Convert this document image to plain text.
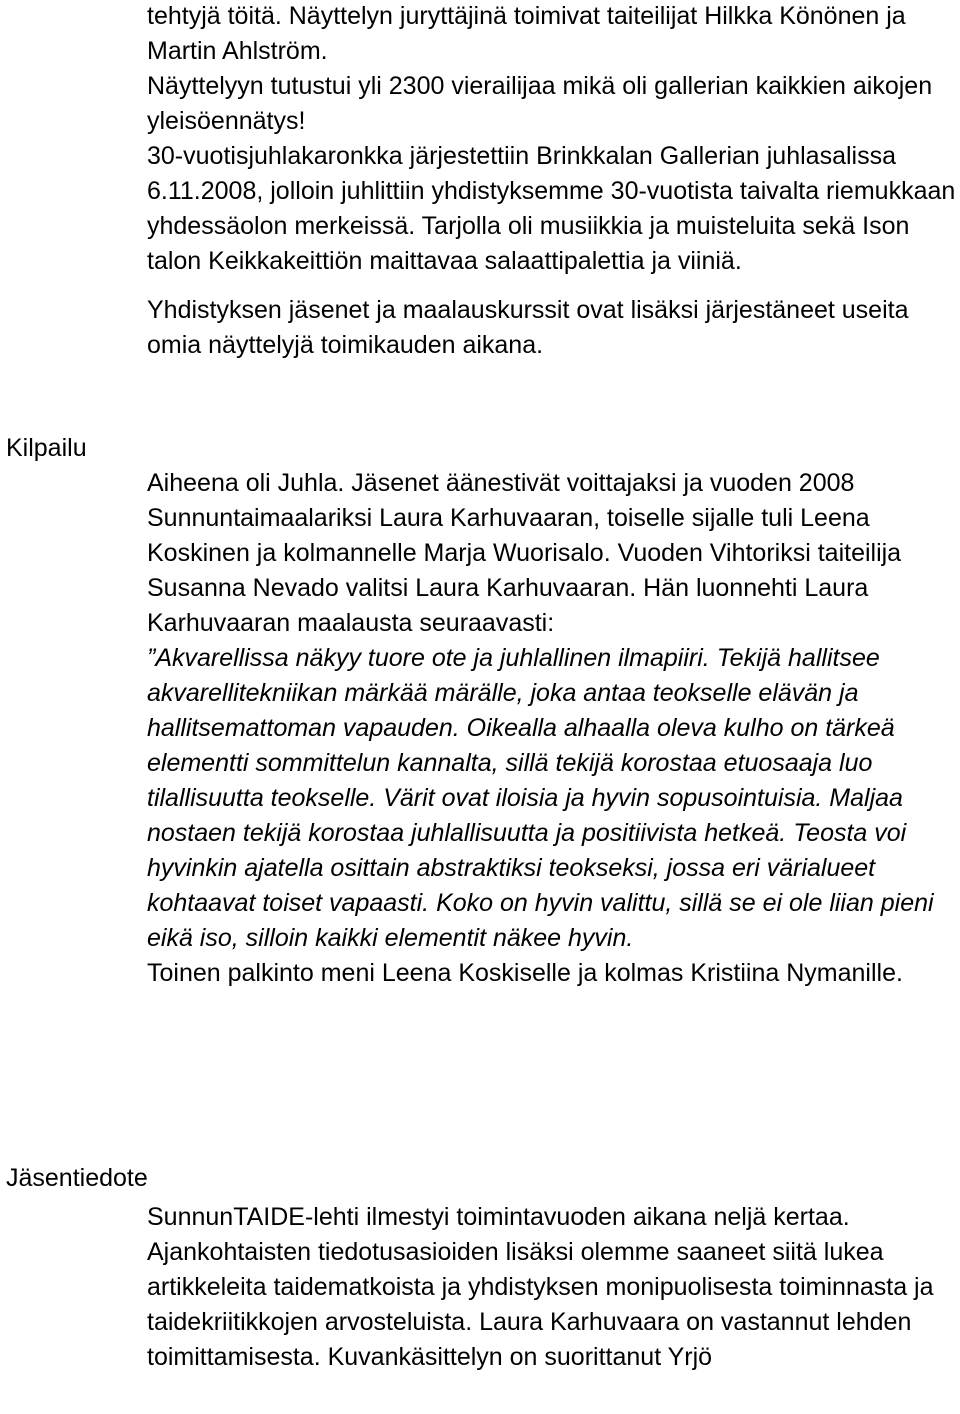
tehtyjä töitä. Näyttelyn juryttäjinä toimivat taiteilijat Hilkka Könönen ja Martin Ahlström.

Näyttelyyn tutustui yli 2300 vierailijaa mikä oli gallerian kaikkien aikojen yleisöennätys!

30-vuotisjuhlakaronkka järjestettiin Brinkkalan Gallerian juhlasalissa 6.11.2008, jolloin juhlittiin yhdistyksemme 30-vuotista taivalta riemukkaan yhdessäolon merkeissä. Tarjolla oli musiikkia ja muisteluita sekä Ison talon Keikkakeittiön maittavaa salaattipalettia ja viiniä.

Yhdistyksen jäsenet ja maalauskurssit ovat lisäksi järjestäneet useita omia näyttelyjä toimikauden aikana.

Kilpailu

Aiheena oli Juhla. Jäsenet äänestivät voittajaksi ja vuoden 2008 Sunnuntaimaalariksi Laura Karhuvaaran, toiselle sijalle tuli Leena Koskinen ja kolmannelle Marja Wuorisalo. Vuoden Vihtoriksi taiteilija Susanna Nevado valitsi Laura Karhuvaaran. Hän luonnehti Laura Karhuvaaran maalausta seuraavasti:

”Akvarellissa näkyy tuore ote ja juhlallinen ilmapiiri. Tekijä hallitsee akvarellitekniikan märkää märälle, joka antaa teokselle elävän ja hallitsemattoman vapauden. Oikealla alhaalla oleva kulho on tärkeä elementti sommittelun kannalta, sillä tekijä korostaa etuosaaja luo tilallisuutta teokselle. Värit ovat iloisia ja hyvin sopusointuisia. Maljaa nostaen tekijä korostaa juhlallisuutta ja positiivista hetkeä. Teosta voi hyvinkin ajatella osittain abstraktiksi teokseksi, jossa eri värialueet kohtaavat toiset vapaasti. Koko on hyvin valittu, sillä se ei ole liian pieni eikä iso, silloin kaikki elementit näkee hyvin.

Toinen palkinto meni Leena Koskiselle ja kolmas Kristiina Nymanille.

Jäsentiedote

SunnunTAIDE-lehti ilmestyi toimintavuoden aikana neljä kertaa. Ajankohtaisten tiedotusasioiden lisäksi olemme saaneet siitä lukea artikkeleita taidematkoista ja yhdistyksen monipuolisesta toiminnasta ja taidekriitikkojen arvosteluista. Laura Karhuvaara on vastannut lehden toimittamisesta. Kuvankäsittelyn on suorittanut Yrjö
